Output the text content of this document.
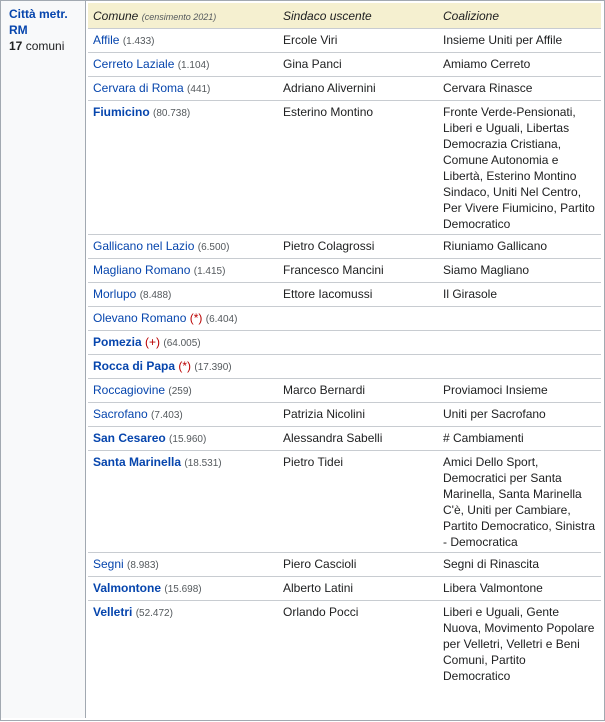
Città metr. RM
17 comuni
Comune (censimento 2021)	Sindaco uscente	Coalizione
Affile (1.433)	Ercole Viri	Insieme Uniti per Affile
Cerreto Laziale (1.104)	Gina Panci	Amiamo Cerreto
Cervara di Roma (441)	Adriano Alivernini	Cervara Rinasce
Fiumicino (80.738)	Esterino Montino	Fronte Verde-Pensionati, Liberi e Uguali, Libertas Democrazia Cristiana, Comune Autonomia e Libertà, Esterino Montino Sindaco, Uniti Nel Centro, Per Vivere Fiumicino, Partito Democratico
Gallicano nel Lazio (6.500)	Pietro Colagrossi	Riuniamo Gallicano
Magliano Romano (1.415)	Francesco Mancini	Siamo Magliano
Morlupo (8.488)	Ettore Iacomussi	Il Girasole
Olevano Romano (*) (6.404)		
Pomezia (+) (64.005)		
Rocca di Papa (*) (17.390)		
Roccagiovine (259)	Marco Bernardi	Proviamoci Insieme
Sacrofano (7.403)	Patrizia Nicolini	Uniti per Sacrofano
San Cesareo (15.960)	Alessandra Sabelli	# Cambiamenti
Santa Marinella (18.531)	Pietro Tidei	Amici Dello Sport, Democratici per Santa Marinella, Santa Marinella C'è, Uniti per Cambiare, Partito Democratico, Sinistra - Democratica
Segni (8.983)	Piero Cascioli	Segni di Rinascita
Valmontone (15.698)	Alberto Latini	Libera Valmontone
Velletri (52.472)	Orlando Pocci	Liberi e Uguali, Gente Nuova, Movimento Popolare per Velletri, Velletri e Beni Comuni, Partito Democratico
